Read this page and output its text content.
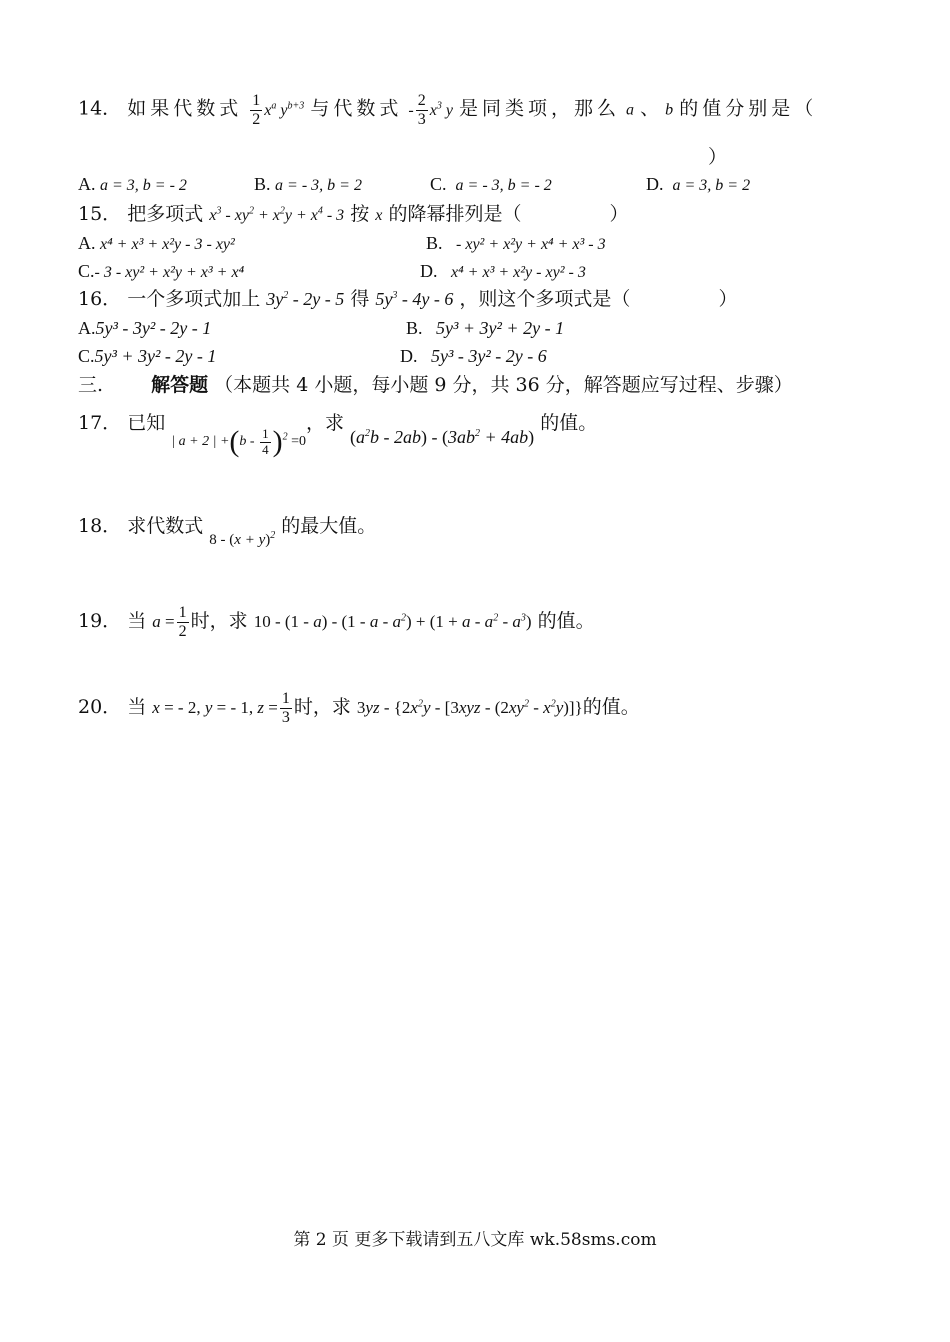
14． 如果代数式 $\frac{1}{2} x^a$ $y^{b+3}$ 与代数式 - $\frac{2}{3} x^3$ y 是同类项，那么 a 、 b 的值分别是（
）
A. a = 3, b = - 2	B. a = - 3, b = 2	C. a = - 3, b = - 2	D. a = 3, b = 2
15． 把多项式 $x^3 - xy^2 + x^2y + x^4 - 3$ 按 x 的降幂排列是（	）
A. x⁴ + x³ + x²y - 3 - xy²	B. - xy² + x²y + x⁴ + x³ - 3
C.- 3 - xy² + x²y + x³ + x⁴	D. x⁴ + x³ + x²y - xy² - 3
16． 一个多项式加上 $3y^2 - 2y - 5$ 得 $5y^3 - 4y - 6$ ，则这个多项式是（	）
A.5y³ - 3y² - 2y - 1	B. 5y³ + 3y² + 2y - 1
C.5y³ + 3y² - 2y - 1	D. 5y³ - 3y² - 2y - 6
三.	解答题 （本题共 4 小题，每小题 9 分，共 36 分，解答题应写过程、步骤）
17． 已知 $_{| a + 2 | +(b - \frac{1}{4} )^2 =0}$，求 $(a^2b - 2ab) - (3ab^2 + 4ab)$ 的值。
18． 求代数式 $_{8 - (x + y)^2}$ 的最大值。
19． 当 $a = \frac{1}{2}$ 时，求 $10 - (1 - a) - (1 - a - a^2) + (1 + a - a^2 - a^3)$ 的值。
20． 当 x = - 2, y = - 1, $z = \frac{1}{3}$ 时，求 $3yz - \{2x^2y - [3xyz - (2xy^2 - x^2y)]\}$的值。
第 2 页 更多下载请到五八文库 wk.58sms.com
